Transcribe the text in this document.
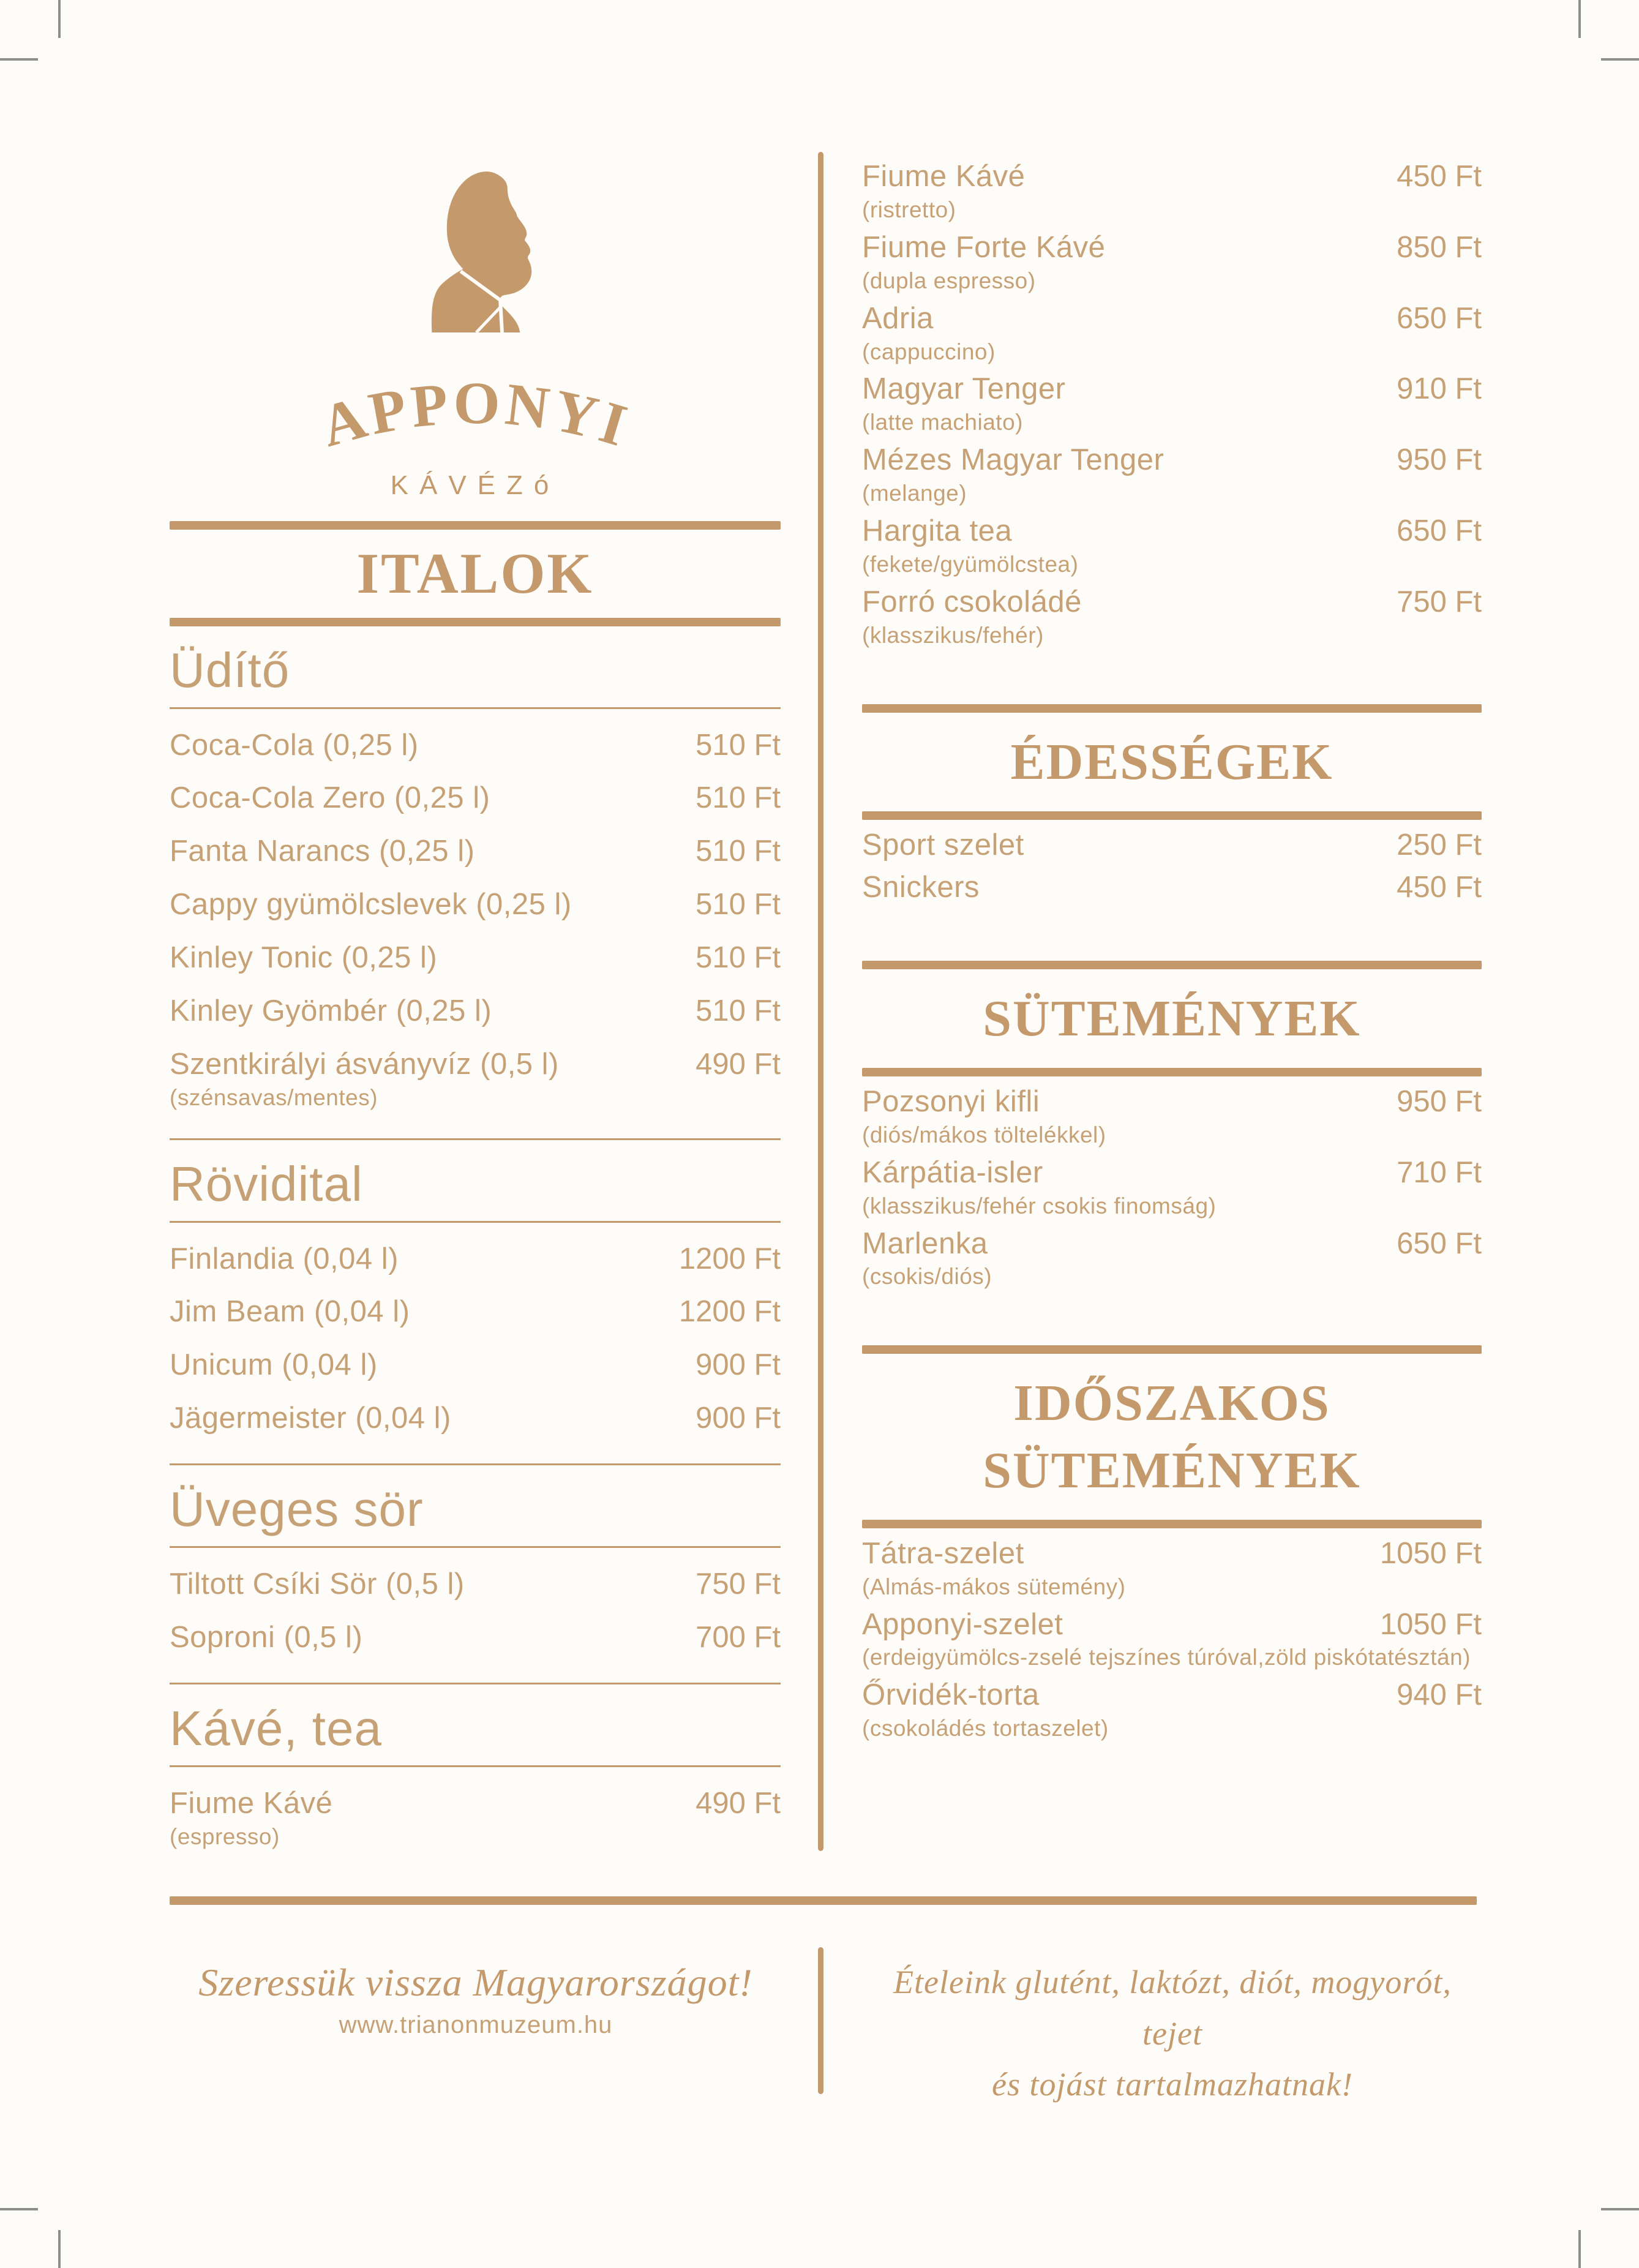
APPONYI
KÁVÉZó
ITALOK
Üdítő
Coca-Cola (0,25 l)	510 Ft
Coca-Cola Zero (0,25 l)	510 Ft
Fanta Narancs (0,25 l)	510 Ft
Cappy gyümölcslevek (0,25 l)	510 Ft
Kinley Tonic (0,25 l)	510 Ft
Kinley Gyömbér (0,25 l)	510 Ft
Szentkirályi ásványvíz (0,5 l)	490 Ft
(szénsavas/mentes)
Rövidital
Finlandia (0,04 l)	1200 Ft
Jim Beam (0,04 l)	1200 Ft
Unicum (0,04 l)	900 Ft
Jägermeister (0,04 l)	900 Ft
Üveges sör
Tiltott Csíki Sör (0,5 l)	750 Ft
Soproni (0,5 l)	700 Ft
Kávé, tea
Fiume Kávé	490 Ft
(espresso)
Fiume Kávé	450 Ft
(ristretto)
Fiume Forte Kávé	850 Ft
(dupla espresso)
Adria	650 Ft
(cappuccino)
Magyar Tenger	910 Ft
(latte machiato)
Mézes Magyar Tenger	950 Ft
(melange)
Hargita tea	650 Ft
(fekete/gyümölcstea)
Forró csokoládé	750 Ft
(klasszikus/fehér)
ÉDESSÉGEK
Sport szelet	250 Ft
Snickers	450 Ft
SÜTEMÉNYEK
Pozsonyi kifli	950 Ft
(diós/mákos töltelékkel)
Kárpátia-isler	710 Ft
(klasszikus/fehér csokis finomság)
Marlenka	650 Ft
(csokis/diós)
IDŐSZAKOS SÜTEMÉNYEK
Tátra-szelet	1050 Ft
(Almás-mákos sütemény)
Apponyi-szelet	1050 Ft
(erdeigyümölcs-zselé tejszínes túróval,zöld piskótatésztán)
Őrvidék-torta	940 Ft
(csokoládés tortaszelet)
Szeressük vissza Magyarországot!
www.trianonmuzeum.hu
Ételeink glutént, laktózt, diót, mogyorót, tejet
és tojást tartalmazhatnak!
